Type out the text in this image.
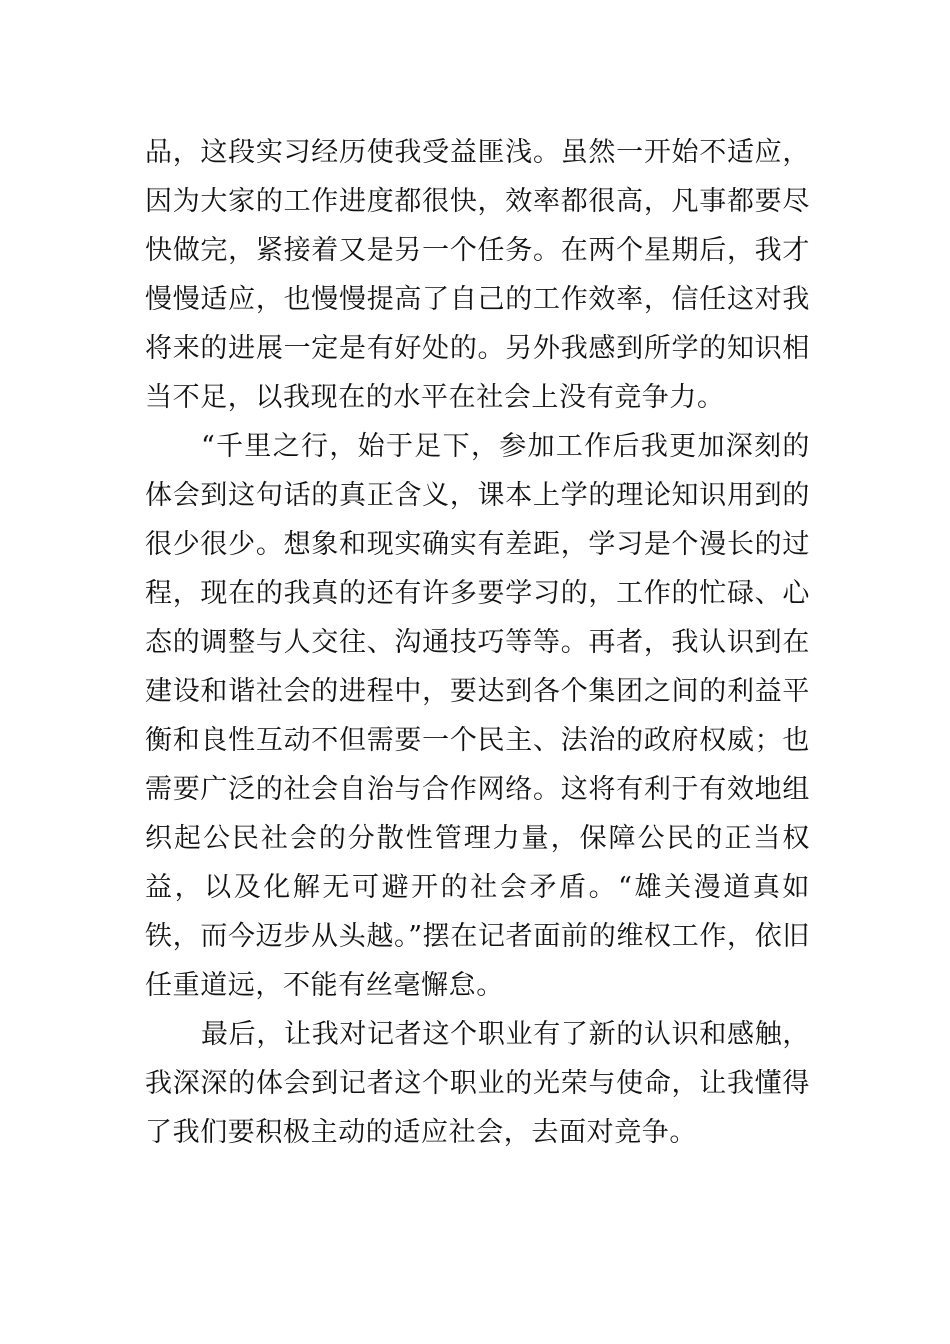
品，这段实习经历使我受益匪浅。虽然一开始不适应，因为大家的工作进度都很快，效率都很高，凡事都要尽快做完，紧接着又是另一个任务。在两个星期后，我才慢慢适应，也慢慢提高了自己的工作效率，信任这对我将来的进展一定是有好处的。另外我感到所学的知识相当不足，以我现在的水平在社会上没有竞争力。

“千里之行，始于足下，参加工作后我更加深刻的体会到这句话的真正含义，课本上学的理论知识用到的很少很少。想象和现实确实有差距，学习是个漫长的过程，现在的我真的还有许多要学习的，工作的忙碌、心态的调整与人交往、沟通技巧等等。再者，我认识到在建设和谐社会的进程中，要达到各个集团之间的利益平衡和良性互动不但需要一个民主、法治的政府权威；也需要广泛的社会自治与合作网络。这将有利于有效地组织起公民社会的分散性管理力量，保障公民的正当权益，以及化解无可避开的社会矛盾。“雄关漫道真如铁，而今迈步从头越。”摆在记者面前的维权工作，依旧任重道远，不能有丝毫懈怠。

最后，让我对记者这个职业有了新的认识和感触，我深深的体会到记者这个职业的光荣与使命，让我懂得了我们要积极主动的适应社会，去面对竞争。
